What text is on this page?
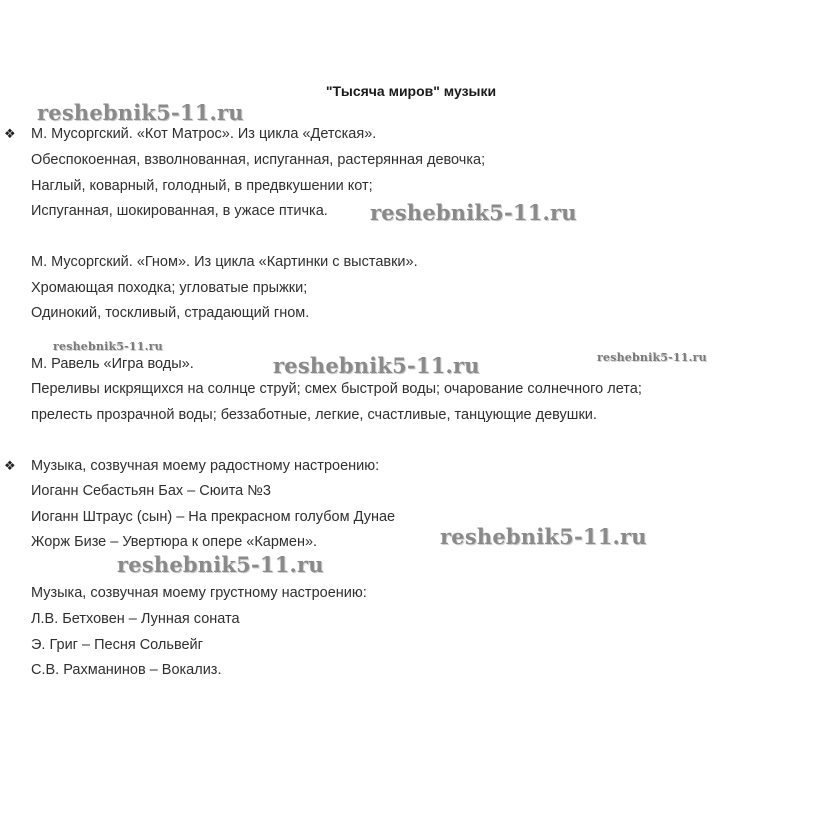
"Тысяча миров" музыки
❖ М. Мусоргский. «Кот Матрос». Из цикла «Детская».
Обеспокоенная, взволнованная, испуганная, растерянная девочка;
Наглый, коварный, голодный, в предвкушении кот;
Испуганная, шокированная, в ужасе птичка.
М. Мусоргский. «Гном». Из цикла «Картинки с выставки».
Хромающая походка; угловатые прыжки;
Одинокий, тоскливый, страдающий гном.
М. Равель «Игра воды».
Переливы искрящихся на солнце струй; смех быстрой воды; очарование солнечного лета;
прелесть прозрачной воды; беззаботные, легкие, счастливые, танцующие девушки.
❖ Музыка, созвучная моему радостному настроению:
Иоганн Себастьян Бах – Сюита №3
Иоганн Штраус (сын) – На прекрасном голубом Дунае
Жорж Бизе – Увертюра к опере «Кармен».
Музыка, созвучная моему грустному настроению:
Л.В. Бетховен – Лунная соната
Э. Григ – Песня Сольвейг
С.В. Рахманинов – Вокализ.
reshebnik5-11.ru
reshebnik5-11.ru
reshebnik5-11.ru
reshebnik5-11.ru	reshebnik5-11.ru
reshebnik5-11.ru
reshebnik5-11.ru
